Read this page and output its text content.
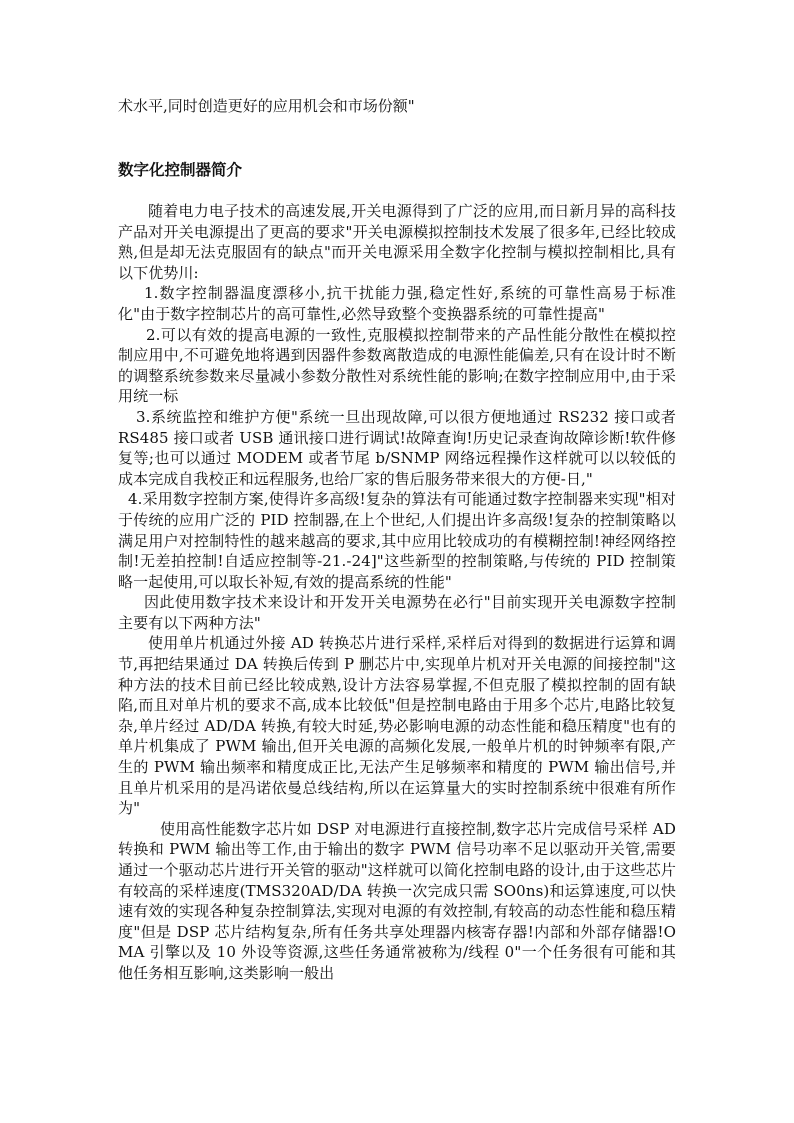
术水平,同时创造更好的应用机会和市场份额"
数字化控制器简介

随着电力电子技术的高速发展,开关电源得到了广泛的应用,而日新月异的高科技产品对开关电源提出了更高的要求"开关电源模拟控制技术发展了很多年,已经比较成熟,但是却无法克服固有的缺点"而开关电源采用全数字化控制与模拟控制相比,具有以下优势川:

1.数字控制器温度漂移小,抗干扰能力强,稳定性好,系统的可靠性高易于标准化"由于数字控制芯片的高可靠性,必然导致整个变换器系统的可靠性提高"

2.可以有效的提高电源的一致性,克服模拟控制带来的产品性能分散性在模拟控制应用中,不可避免地将遇到因器件参数离散造成的电源性能偏差,只有在设计时不断的调整系统参数来尽量减小参数分散性对系统性能的影响;在数字控制应用中,由于采用统一标

3.系统监控和维护方便"系统一旦出现故障,可以很方便地通过 RS232 接口或者 RS485 接口或者 USB 通讯接口进行调试!故障查询!历史记录查询故障诊断!软件修复等;也可以通过 MODEM 或者节尾 b/SNMP 网络远程操作这样就可以以较低的成本完成自我校正和远程服务,也给厂家的售后服务带来很大的方便-日,"

4.采用数字控制方案,使得许多高级!复杂的算法有可能通过数字控制器来实现"相对于传统的应用广泛的 PID 控制器,在上个世纪,人们提出许多高级!复杂的控制策略以满足用户对控制特性的越来越高的要求,其中应用比较成功的有模糊控制!神经网络控制!无差拍控制!自适应控制等-21.-24]"这些新型的控制策略,与传统的 PID 控制策略一起使用,可以取长补短,有效的提高系统的性能"

因此使用数字技术来设计和开发开关电源势在必行"目前实现开关电源数字控制主要有以下两种方法"

使用单片机通过外接 AD 转换芯片进行采样,采样后对得到的数据进行运算和调节,再把结果通过 DA 转换后传到 P 删芯片中,实现单片机对开关电源的间接控制"这种方法的技术目前已经比较成熟,设计方法容易掌握,不但克服了模拟控制的固有缺陷,而且对单片机的要求不高,成本比较低"但是控制电路由于用多个芯片,电路比较复杂,单片经过 AD/DA 转换,有较大时延,势必影响电源的动态性能和稳压精度"也有的单片机集成了 PWM 输出,但开关电源的高频化发展,一般单片机的时钟频率有限,产生的 PWM 输出频率和精度成正比,无法产生足够频率和精度的 PWM 输出信号,并且单片机采用的是冯诺依曼总线结构,所以在运算量大的实时控制系统中很难有所作为"

使用高性能数字芯片如 DSP 对电源进行直接控制,数字芯片完成信号采样 AD 转换和 PWM 输出等工作,由于输出的数字 PWM 信号功率不足以驱动开关管,需要通过一个驱动芯片进行开关管的驱动"这样就可以简化控制电路的设计,由于这些芯片有较高的采样速度(TMS320AD/DA 转换一次完成只需 SO0ns)和运算速度,可以快速有效的实现各种复杂控制算法,实现对电源的有效控制,有较高的动态性能和稳压精度"但是 DSP 芯片结构复杂,所有任务共享处理器内核寄存器!内部和外部存储器!OMA 引擎以及 10 外设等资源,这些任务通常被称为/线程 0"一个任务很有可能和其他任务相互影响,这类影响一般出
